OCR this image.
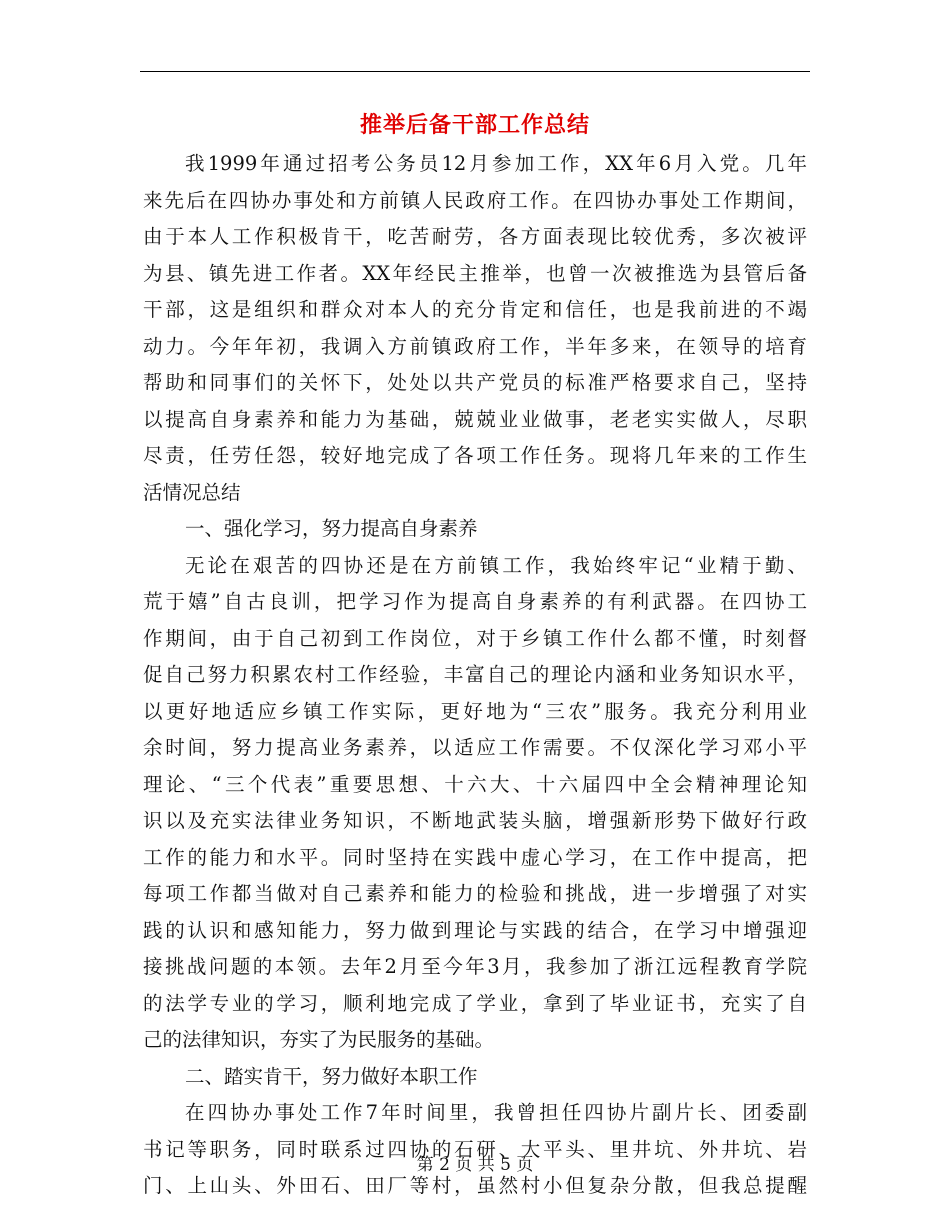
推举后备干部工作总结
我1999年通过招考公务员12月参加工作，XX年6月入党。几年
来先后在四协办事处和方前镇人民政府工作。在四协办事处工作期间，
由于本人工作积极肯干，吃苦耐劳，各方面表现比较优秀，多次被评
为县、镇先进工作者。XX年经民主推举，也曾一次被推选为县管后备
干部，这是组织和群众对本人的充分肯定和信任，也是我前进的不竭
动力。今年年初，我调入方前镇政府工作，半年多来，在领导的培育
帮助和同事们的关怀下，处处以共产党员的标准严格要求自己，坚持
以提高自身素养和能力为基础，兢兢业业做事，老老实实做人，尽职
尽责，任劳任怨，较好地完成了各项工作任务。现将几年来的工作生
活情况总结
一、强化学习，努力提高自身素养
无论在艰苦的四协还是在方前镇工作，我始终牢记“业精于勤、
荒于嬉”自古良训，把学习作为提高自身素养的有利武器。在四协工
作期间，由于自己初到工作岗位，对于乡镇工作什么都不懂，时刻督
促自己努力积累农村工作经验，丰富自己的理论内涵和业务知识水平，
以更好地适应乡镇工作实际，更好地为“三农”服务。我充分利用业
余时间，努力提高业务素养，以适应工作需要。不仅深化学习邓小平
理论、“三个代表”重要思想、十六大、十六届四中全会精神理论知
识以及充实法律业务知识，不断地武装头脑，增强新形势下做好行政
工作的能力和水平。同时坚持在实践中虚心学习，在工作中提高，把
每项工作都当做对自己素养和能力的检验和挑战，进一步增强了对实
践的认识和感知能力，努力做到理论与实践的结合，在学习中增强迎
接挑战问题的本领。去年2月至今年3月，我参加了浙江远程教育学院
的法学专业的学习，顺利地完成了学业，拿到了毕业证书，充实了自
己的法律知识，夯实了为民服务的基础。
二、踏实肯干，努力做好本职工作
在四协办事处工作7年时间里，我曾担任四协片副片长、团委副
书记等职务，同时联系过四协的石研、大平头、里井坑、外井坑、岩
门、上山头、外田石、田厂等村，虽然村小但复杂分散，但我总提醒
第 2 页 共 5 页
